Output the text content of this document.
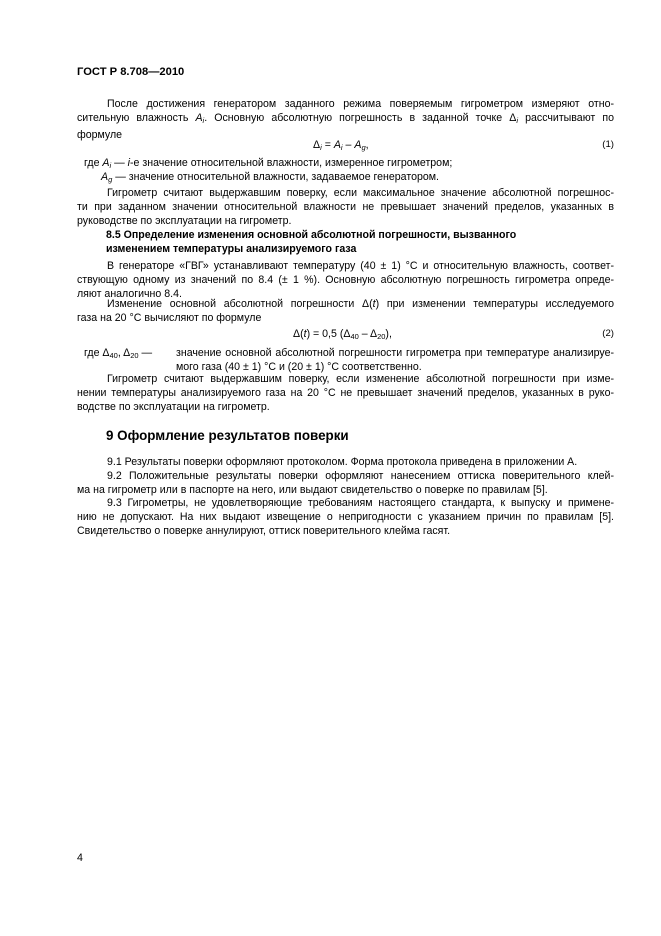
ГОСТ Р 8.708—2010
После достижения генератором заданного режима поверяемым гигрометром измеряют отно-
сительную влажность $A_i$. Основную абсолютную погрешность в заданной точке $\Delta_i$ рассчитывают по
формуле
$\Delta_i = A_i - A_g$,	(1)
где $A_i$ — i-е значение относительной влажности, измеренное гигрометром;
$A_g$ — значение относительной влажности, задаваемое генератором.
Гигрометр считают выдержавшим поверку, если максимальное значение абсолютной погрешнос-
ти при заданном значении относительной влажности не превышает значений пределов, указанных в
руководстве по эксплуатации на гигрометр.
8.5 Определение изменения основной абсолютной погрешности, вызванного
изменением температуры анализируемого газа
В генераторе «ГВГ» устанавливают температуру (40 ± 1) °С и относительную влажность, соответ-
ствующую одному из значений по 8.4 (± 1 %). Основную абсолютную погрешность гигрометра опреде-
ляют аналогично 8.4.
Изменение основной абсолютной погрешности Δ(t) при изменении температуры исследуемого
газа на 20 °С вычисляют по формуле
Δ(t) = 0,5 $(\Delta_{40} - \Delta_{20})$,	(2)
где $\Delta_{40}$, $\Delta_{20}$ — значение основной абсолютной погрешности гигрометра при температуре анализируе-
мого газа (40 ± 1) °С и (20 ± 1) °С соответственно.
Гигрометр считают выдержавшим поверку, если изменение абсолютной погрешности при изме-
нении температуры анализируемого газа на 20 °С не превышает значений пределов, указанных в руко-
водстве по эксплуатации на гигрометр.
9 Оформление результатов поверки
9.1 Результаты поверки оформляют протоколом. Форма протокола приведена в приложении А.
9.2 Положительные результаты поверки оформляют нанесением оттиска поверительного клей-
ма на гигрометр или в паспорте на него, или выдают свидетельство о поверке по правилам [5].
9.3 Гигрометры, не удовлетворяющие требованиям настоящего стандарта, к выпуску и примене-
нию не допускают. На них выдают извещение о непригодности с указанием причин по правилам [5].
Свидетельство о поверке аннулируют, оттиск поверительного клейма гасят.
4
